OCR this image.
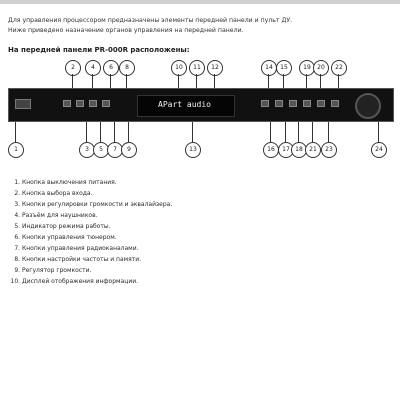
Для управления процессором предназначены элементы передней панели и пульт ДУ.
Ниже приведено назначение органов управления на передней панели.
На передней панели PR-000R расположены:
APart audio
1
2
3
4
5
6
7
8
9
10	11	12
13
14	15
16	17 18
19	20
21
22
23	24
1. Кнопка выключения питания.
2. Кнопка выбора входа.
3. Кнопки регулировки громкости и эквалайзера.
4. Разъём для наушников.
5. Индикатор режима работы.
6. Кнопки управления тюнером.
7. Кнопки управления радиоканалами.
8. Кнопки настройки частоты и памяти.
9. Регулятор громкости.
10. Дисплей отображения информации.
